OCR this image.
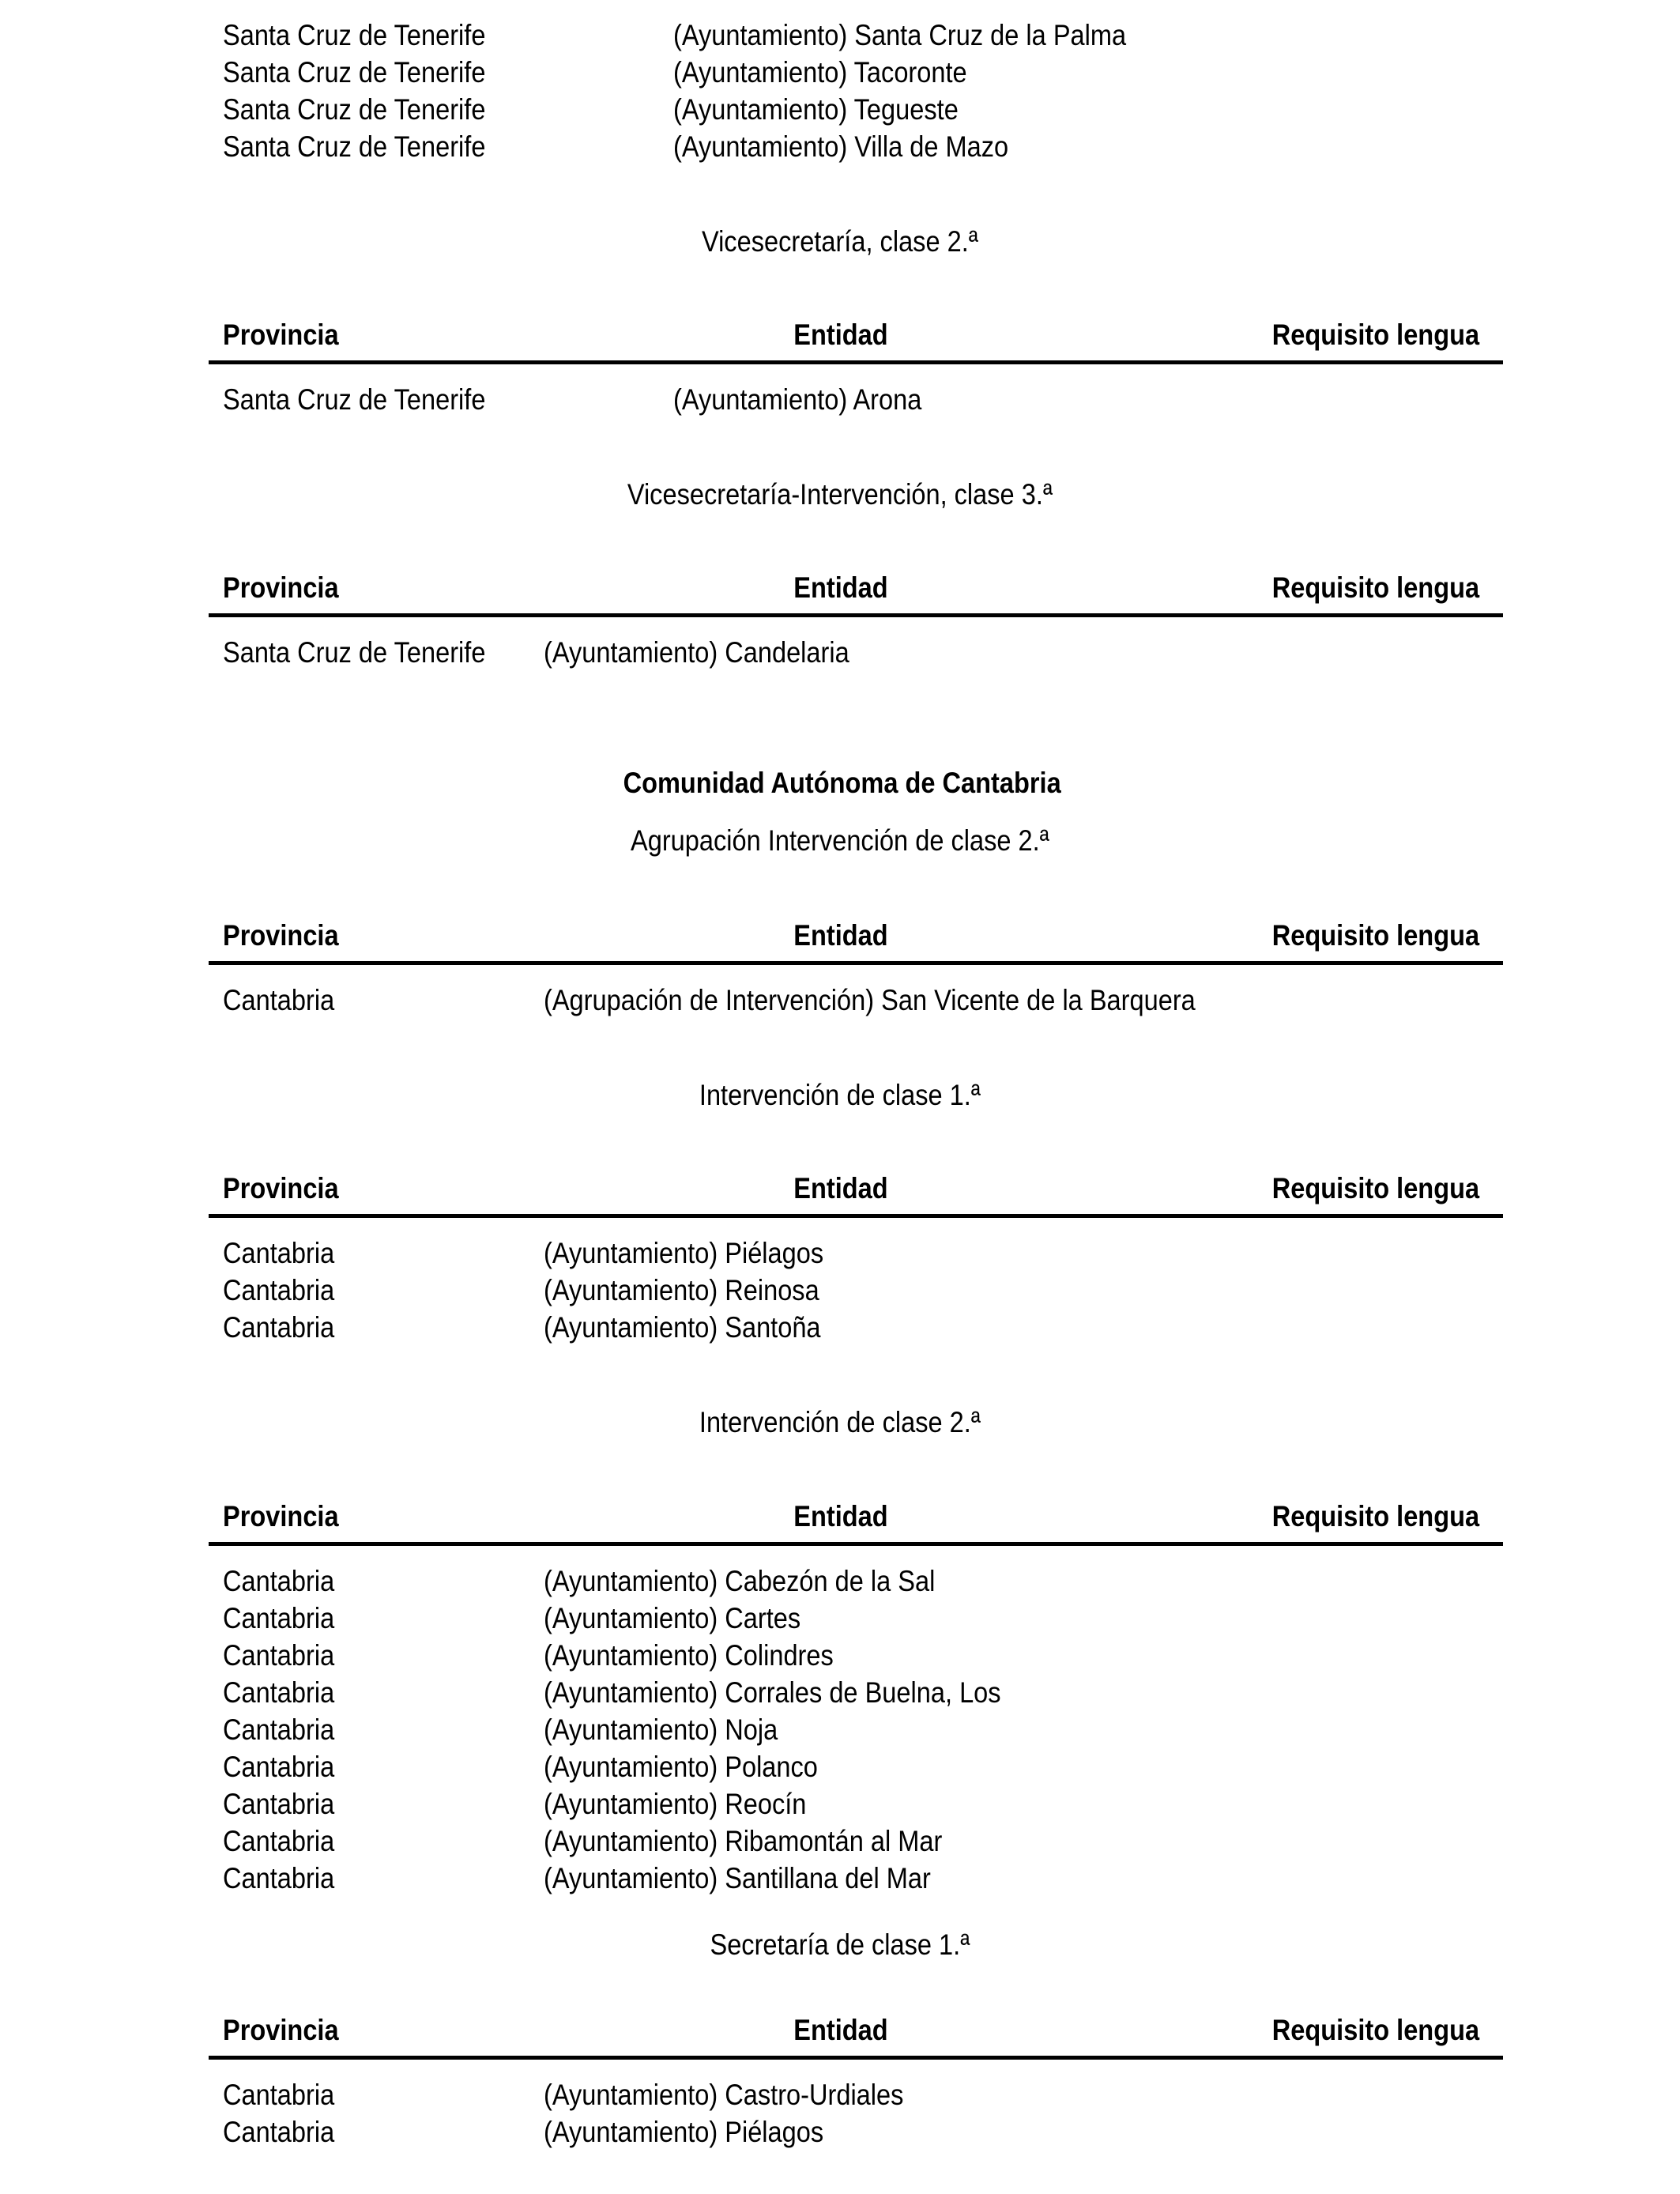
Santa Cruz de Tenerife	(Ayuntamiento) Santa Cruz de la Palma
Santa Cruz de Tenerife	(Ayuntamiento) Tacoronte
Santa Cruz de Tenerife	(Ayuntamiento) Tegueste
Santa Cruz de Tenerife	(Ayuntamiento) Villa de Mazo
Vicesecretaría, clase 2.ª
Provincia	Entidad	Requisito lengua
Santa Cruz de Tenerife	(Ayuntamiento) Arona
Vicesecretaría-Intervención, clase 3.ª
Provincia	Entidad	Requisito lengua
Santa Cruz de Tenerife (Ayuntamiento) Candelaria
Comunidad Autónoma de Cantabria
Agrupación Intervención de clase 2.ª
Provincia	Entidad	Requisito lengua
Cantabria	(Agrupación de Intervención) San Vicente de la Barquera
Intervención de clase 1.ª
Provincia	Entidad	Requisito lengua
Cantabria	(Ayuntamiento) Piélagos
Cantabria	(Ayuntamiento) Reinosa
Cantabria	(Ayuntamiento) Santoña
Intervención de clase 2.ª
Provincia	Entidad	Requisito lengua
Cantabria	(Ayuntamiento) Cabezón de la Sal
Cantabria	(Ayuntamiento) Cartes
Cantabria	(Ayuntamiento) Colindres
Cantabria	(Ayuntamiento) Corrales de Buelna, Los
Cantabria	(Ayuntamiento) Noja
Cantabria	(Ayuntamiento) Polanco
Cantabria	(Ayuntamiento) Reocín
Cantabria	(Ayuntamiento) Ribamontán al Mar
Cantabria	(Ayuntamiento) Santillana del Mar
Secretaría de clase 1.ª
Provincia	Entidad	Requisito lengua
Cantabria	(Ayuntamiento) Castro-Urdiales
Cantabria	(Ayuntamiento) Piélagos
